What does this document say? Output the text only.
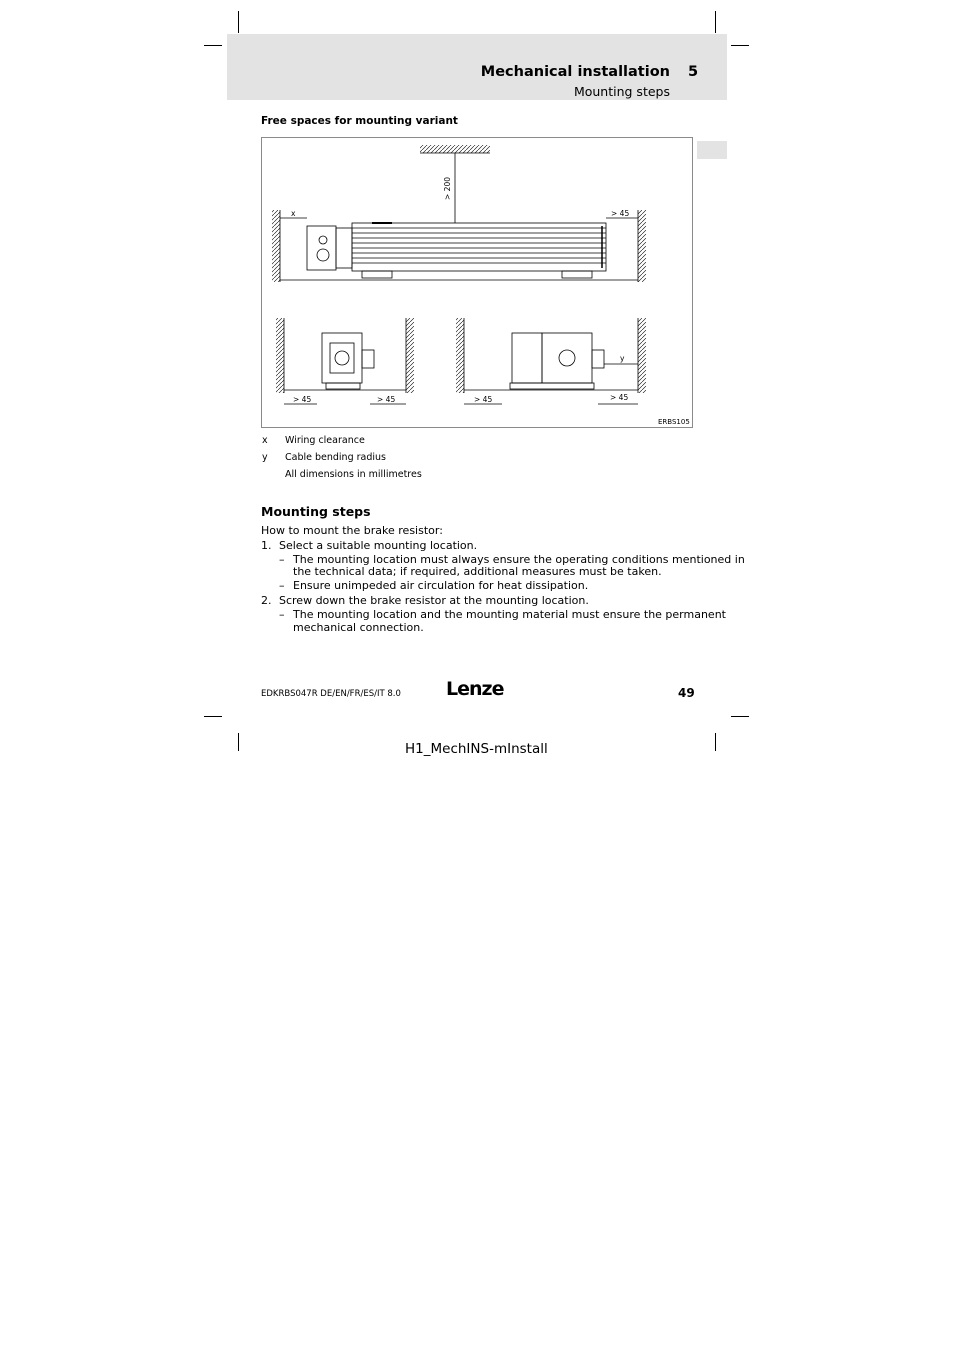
Mechanical installation 5
Mounting steps
Free spaces for mounting variant
> 200
x	> 45
> 45	> 45	> 45	> 45
y
ERBS105
x Wiring clearance
y Cable bending radius
All dimensions in millimetres
Mounting steps
How to mount the brake resistor:
1. Select a suitable mounting location.
– The mounting location must always ensure the operating conditions mentioned in
the technical data; if required, additional measures must be taken.
– Ensure unimpeded air circulation for heat dissipation.
2. Screw down the brake resistor at the mounting location.
– The mounting location and the mounting material must ensure the permanent
mechanical connection.
EDKRBS047R DE/EN/FR/ES/IT 8.0 Lenze	49
H1_MechINS-mInstall
